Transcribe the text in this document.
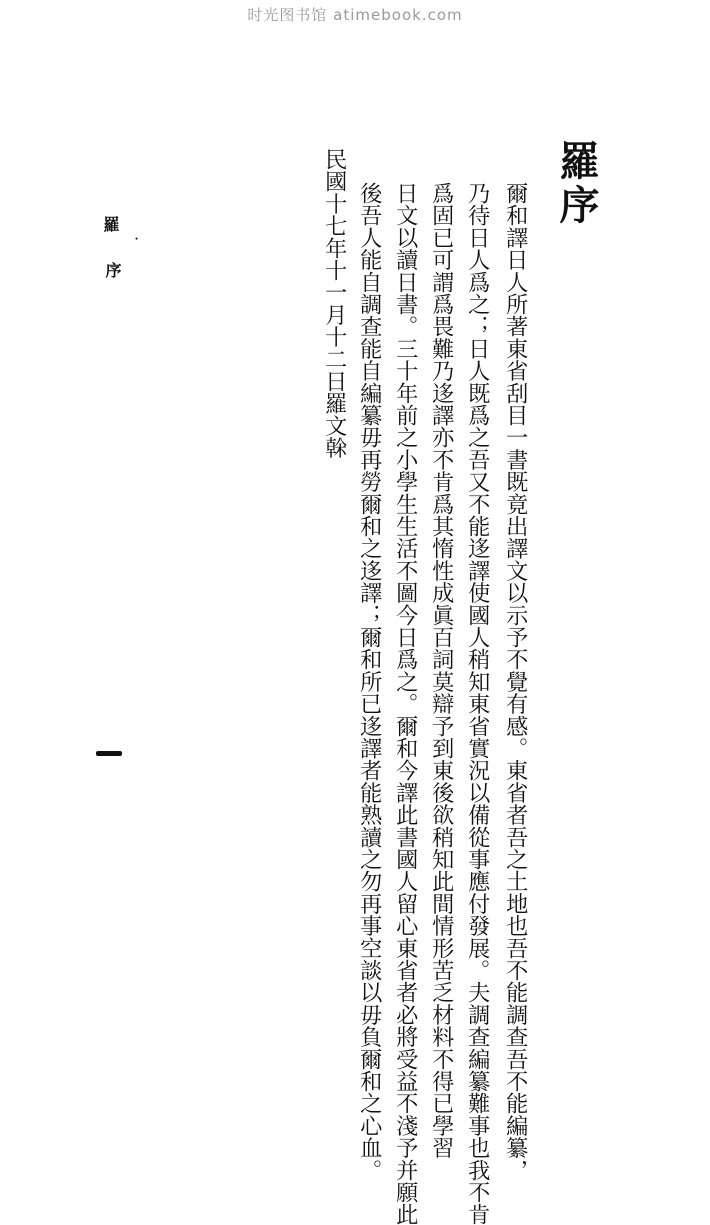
时光图书馆 atimebook.com
羅序
爾和譯日人所著東省刮目一書既竟出譯文以示予不覺有感。東省者吾之土地也吾不能調查吾不能編纂，
乃待日人爲之；日人既爲之吾又不能迻譯使國人稍知東省實況以備從事應付發展。夫調查編纂難事也我不肯
爲固已可謂爲畏難乃迻譯亦不肯爲其惰性成眞百詞莫辯予到東後欲稍知此間情形苦乏材料不得已學習
日文以讀日書。三十年前之小學生生活不圖今日爲之。爾和今譯此書國人留心東省者必將受益不淺予并願此
後吾人能自調查能自編纂毋再勞爾和之迻譯；爾和所已迻譯者能熟讀之勿再事空談以毋負爾和之心血。
民國十七年十一月十二日羅文榦
羅
·
序
